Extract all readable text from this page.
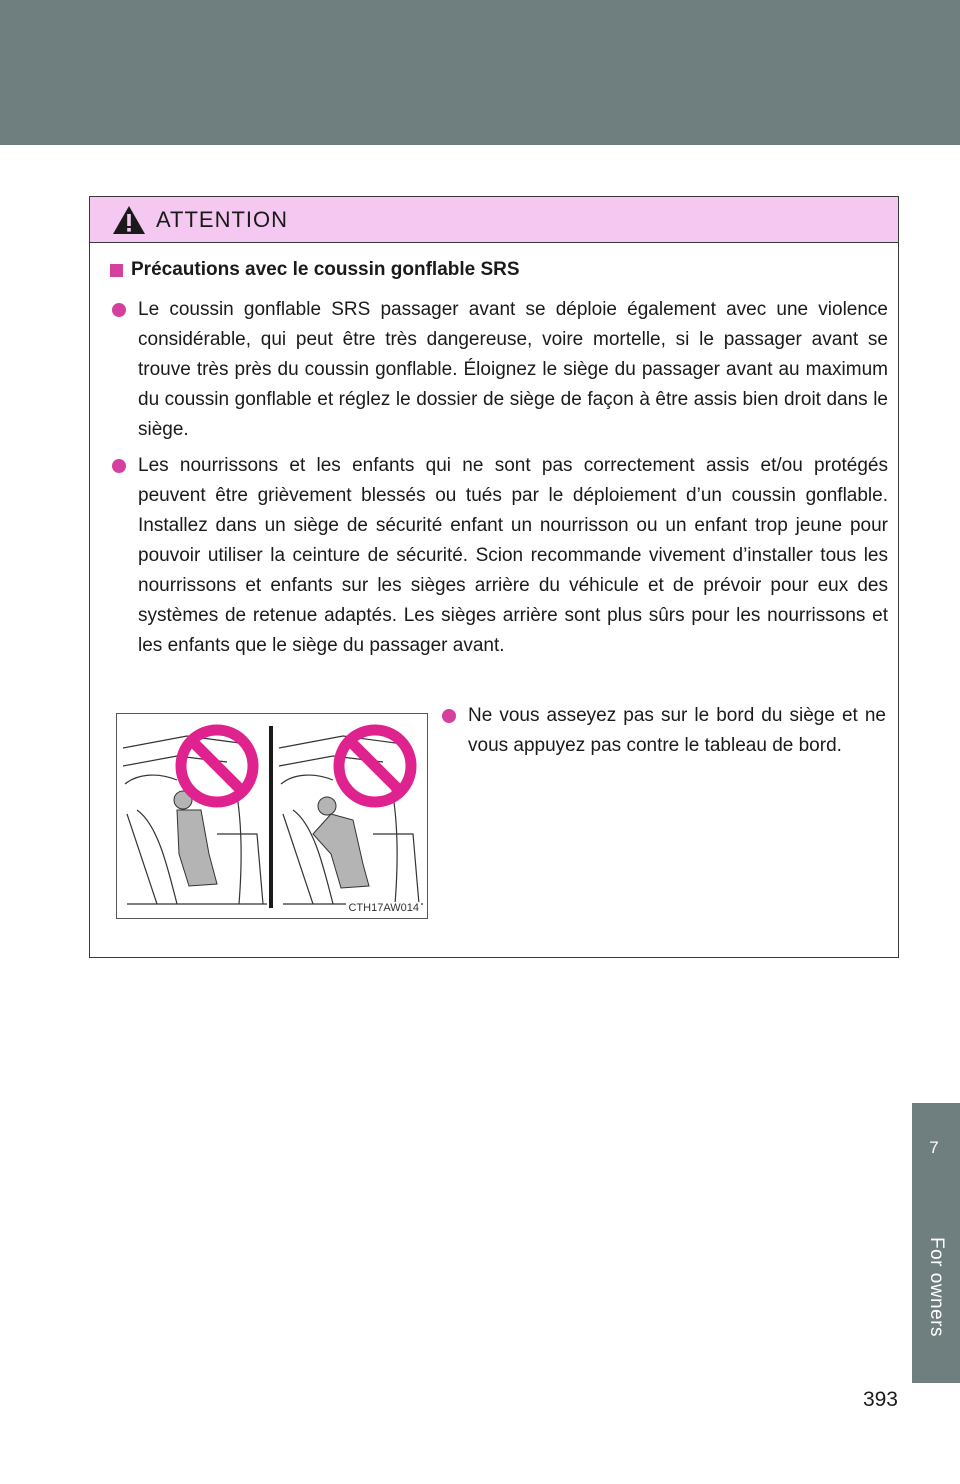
7
For owners
ATTENTION
Précautions avec le coussin gonflable SRS
Le coussin gonflable SRS passager avant se déploie également avec une violence considérable, qui peut être très dangereuse, voire mortelle, si le passager avant se trouve très près du coussin gonflable. Éloignez le siège du passager avant au maximum du coussin gonflable et réglez le dossier de siège de façon à être assis bien droit dans le siège.
Les nourrissons et les enfants qui ne sont pas correctement assis et/ou protégés peuvent être grièvement blessés ou tués par le déploiement d’un coussin gonflable. Installez dans un siège de sécurité enfant un nourrisson ou un enfant trop jeune pour pouvoir utiliser la ceinture de sécurité. Scion recommande vivement d’installer tous les nourrissons et enfants sur les sièges arrière du véhicule et de prévoir pour eux des systèmes de retenue adaptés. Les sièges arrière sont plus sûrs pour les nourrissons et les enfants que le siège du passager avant.
CTH17AW014
Ne vous asseyez pas sur le bord du siège et ne vous appuyez pas contre le tableau de bord.
393
